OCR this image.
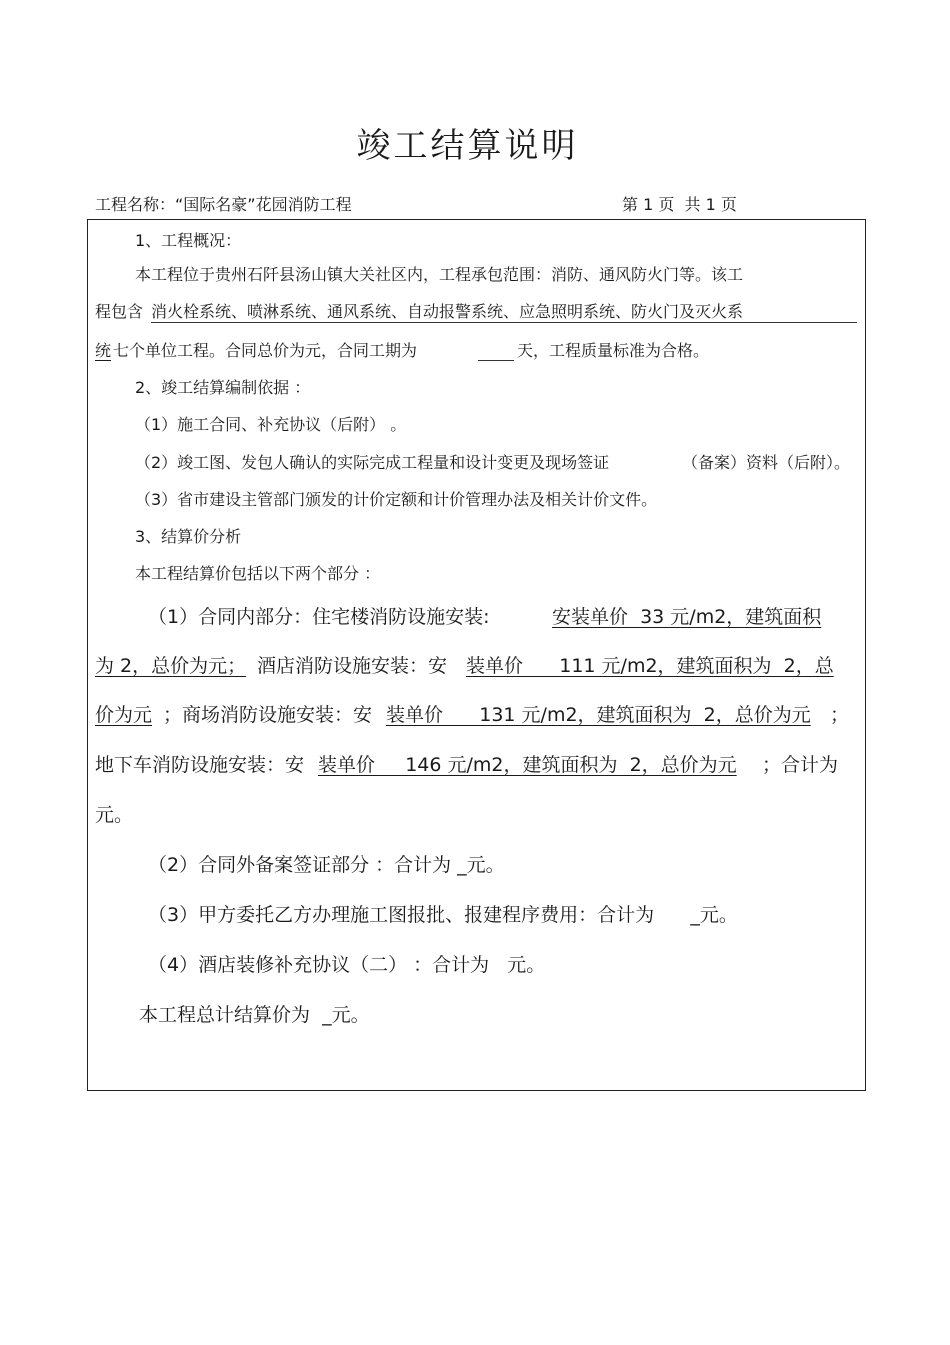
竣工结算说明
工程名称：“国际名豪”花园消防工程	第 1 页  共 1 页
1、工程概况：
本工程位于贵州石阡县汤山镇大关社区内，工程承包范围：消防、通风防火门等。该工
程包含 消火栓系统、喷淋系统、通风系统、自动报警系统、应急照明系统、防火门及灭火系
统 七个单位工程。合同总价为元，合同工期为	天，工程质量标准为合格。
2、竣工结算编制依据 ：
（1）施工合同、补充协议（后附） 。
（2）竣工图、发包人确认的实际完成工程量和设计变更及现场签证	（备案）资料（后附）。
（3）省市建设主管部门颁发的计价定额和计价管理办法及相关计价文件。
3、结算价分析
本工程结算价包括以下两个部分 ：
（1）合同内部分：住宅楼消防设施安装:	安装单价  33 元/m2，建筑面积
为 2，总价为元； 酒店消防设施安装：安 装单价      111 元/m2，建筑面积为  2，总
价为元 ；商场消防设施安装：安 装单价      131 元/m2，建筑面积为  2，总价为元 ；
地下车消防设施安装：安 装单价     146 元/m2，建筑面积为  2，总价为元 ；合计为
元。
（2）合同外备案签证部分 ：合计为 _元。
（3）甲方委托乙方办理施工图报批、报建程序费用：合计为      _元。
（4）酒店装修补充协议（二） ：合计为   元。
本工程总计结算价为  _元。
